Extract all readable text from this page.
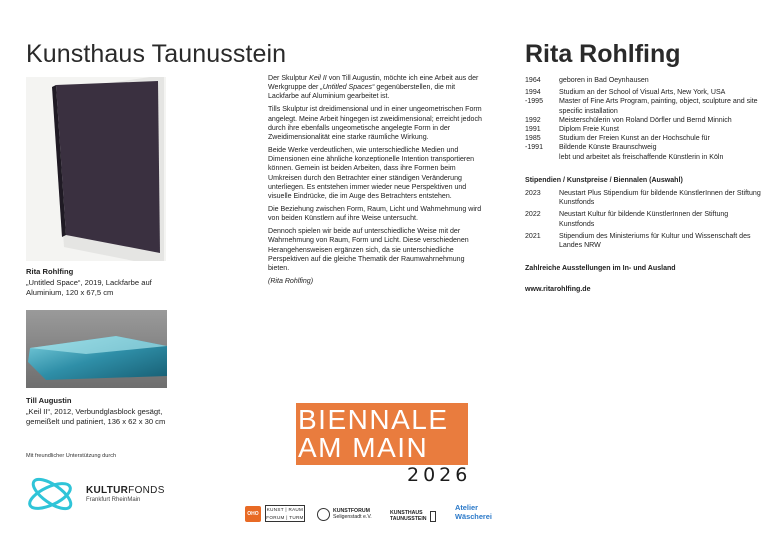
Kunsthaus Taunusstein
Rita Rohlfing
„Untitled Space“, 2019, Lackfarbe auf
Aluminium, 120 x 67,5 cm
Till Augustin
„Keil II“, 2012, Verbundglasblock gesägt,
gemeißelt und patiniert, 136 x 62 x 30 cm
Mit freundlicher Unterstützung durch
KULTURFONDS
Frankfurt RheinMain

Der Skulptur Keil II von Till Augustin, möchte ich eine Arbeit aus der Werkgruppe der „Untitled Spaces“ gegenüberstellen, die mit Lackfarbe auf Aluminium gearbeitet ist.

Tills Skulptur ist dreidimensional und in einer ungeometrischen Form angelegt. Meine Arbeit hingegen ist zweidimensional; erreicht jedoch durch ihre ebenfalls ungeometische angelegte Form in der Zweidimensionalität eine starke räumliche Wirkung.

Beide Werke verdeutlichen, wie unterschiedliche Medien und Dimensionen eine ähnliche konzeptionelle Intention transportieren können. Gemein ist beiden Arbeiten, dass ihre Formen beim Umkreisen durch den Betrachter einer ständigen Veränderung unterliegen. Es entstehen immer wieder neue Perspektiven und visuelle Eindrücke, die im Auge des Betrachters entstehen.

Die Beziehung zwischen Form, Raum, Licht und Wahrnehmung wird von beiden Künstlern auf ihre Weise untersucht.

Dennoch spielen wir beide auf unterschiedliche Weise mit der Wahrnehmung von Raum, Form und Licht. Diese verschiedenen Herangehensweisen ergänzen sich, da sie unterschiedliche Perspektiven auf die gleiche Thematik der Raumwahrnehmung bieten.

(Rita Rohlfing)

BIENNALE
AM MAIN
2026
OHO
KUNST | RAUM
FORUM | TURM
KUNSTFORUM
Seligenstadt e.V.
KUNSTHAUS
TAUNUSSTEIN
Atelier
Wäscherei
Rita Rohlfing
1964	geboren in Bad Oeynhausen
1994	Studium an der School of Visual Arts, New York, USA
-1995	Master of Fine Arts Program, painting, object, sculpture and site specific installation
1992	Meisterschülerin von Roland Dörfler und Bernd Minnich
1991	Diplom Freie Kunst
1985	Studium der Freien Kunst an der Hochschule für
-1991	Bildende Künste Braunschweig
lebt und arbeitet als freischaffende Künstlerin in Köln
Stipendien / Kunstpreise / Biennalen (Auswahl)
2023	Neustart Plus Stipendium für bildende KünstlerInnen der Stiftung Kunstfonds
2022	Neustart Kultur für bildende KünstlerInnen der Stiftung Kunstfonds
2021	Stipendium des Ministeriums für Kultur und Wissenschaft des Landes NRW
Zahlreiche Ausstellungen im In- und Ausland
www.ritarohlfing.de
